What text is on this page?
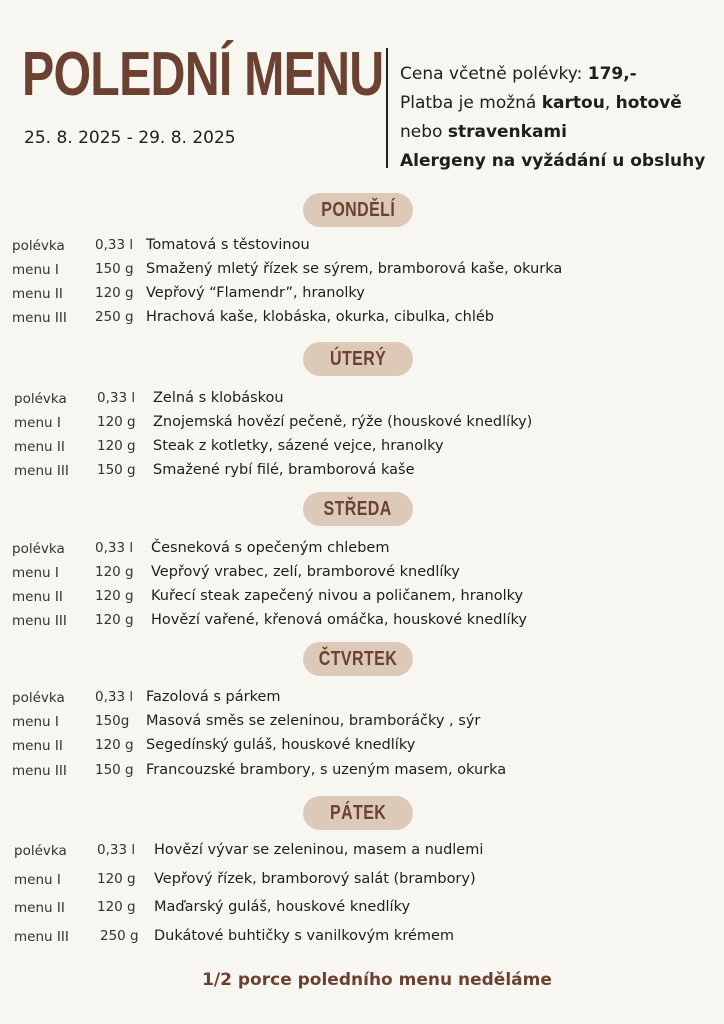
POLEDNÍ MENU
25. 8. 2025 - 29. 8. 2025
Cena včetně polévky: 179,-
Platba je možná kartou, hotově
nebo stravenkami
Alergeny na vyžádání u obsluhy
PONDĚLÍ
polévka 0,33 l Tomatová s těstovinou
menu I	150 g Smažený mletý řízek se sýrem, bramborová kaše, okurka
menu II 120 g Vepřový “Flamendr”, hranolky
menu III 250 g Hrachová kaše, klobáska, okurka, cibulka, chléb
ÚTERÝ
polévka 0,33 l Zelná s klobáskou
menu I	120 g Znojemská hovězí pečeně, rýže (houskové knedlíky)
menu II 120 g Steak z kotletky, sázené vejce, hranolky
menu III 150 g Smažené rybí filé, bramborová kaše
STŘEDA
polévka 0,33 l Česneková s opečeným chlebem
menu I	120 g Vepřový vrabec, zelí, bramborové knedlíky
menu II 120 g Kuřecí steak zapečený nivou a poličanem, hranolky
menu III 120 g Hovězí vařené, křenová omáčka, houskové knedlíky
ČTVRTEK
polévka 0,33 l Fazolová s párkem
menu I	150g Masová směs se zeleninou, bramboráčky , sýr
menu II 120 g Segedínský guláš, houskové knedlíky
menu III 150 g Francouzské brambory, s uzeným masem, okurka
PÁTEK
polévka 0,33 l Hovězí vývar se zeleninou, masem a nudlemi
menu I	120 g Vepřový řízek, bramborový salát (brambory)
menu II 120 g Maďarský guláš, houskové knedlíky
menu III 250 g Dukátové buhtičky s vanilkovým krémem
1/2 porce poledního menu neděláme
